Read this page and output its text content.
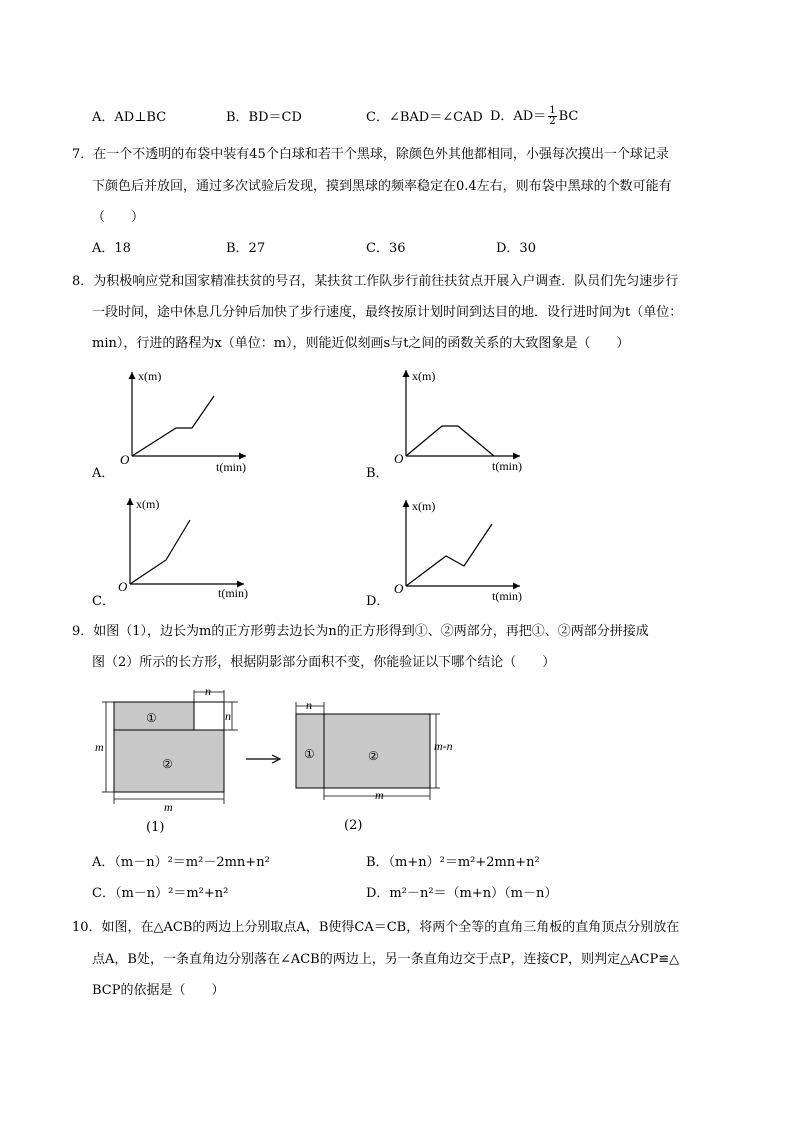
A．AD⊥BC	B．BD＝CD	C．∠BAD＝∠CAD D．$AD= \frac{1}{2}$ BC
7．在一个不透明的布袋中装有45个白球和若干个黑球，除颜色外其他都相同，小强每次摸出一个球记录
下颜色后并放回，通过多次试验后发现，摸到黑球的频率稳定在0.4左右，则布袋中黑球的个数可能有
（　　）
A．18	B．27	C．36	D．30
8．为积极响应党和国家精准扶贫的号召，某扶贫工作队步行前往扶贫点开展入户调查．队员们先匀速步行
一段时间，途中休息几分钟后加快了步行速度，最终按原计划时间到达目的地．设行进时间为t（单位：
min），行进的路程为x（单位：m），则能近似刻画s与t之间的函数关系的大致图象是（　　）
x(m)
t(min)
O
A．
x(m)
t(min)
O
B．
x(m)
t(min)
O
C．
x(m)
t(min)
O
D．
9．如图（1），边长为m的正方形剪去边长为n的正方形得到①、②两部分，再把①、②两部分拼接成
图（2）所示的长方形，根据阴影部分面积不变，你能验证以下哪个结论（　　）
n
n
m
m
①
②
(1)
n
m-n
m
①	②
(2)
A．（m－n）²＝m²－2mn+n²	B．（m+n）²＝m²+2mn+n²
C．（m－n）²＝m²+n²	D．m²－n²＝（m+n）（m－n）
10．如图，在△ACB的两边上分别取点A，B使得CA＝CB，将两个全等的直角三角板的直角顶点分别放在
点A，B处，一条直角边分别落在∠ACB的两边上，另一条直角边交于点P，连接CP，则判定△ACP≌△
BCP的依据是（　　）
